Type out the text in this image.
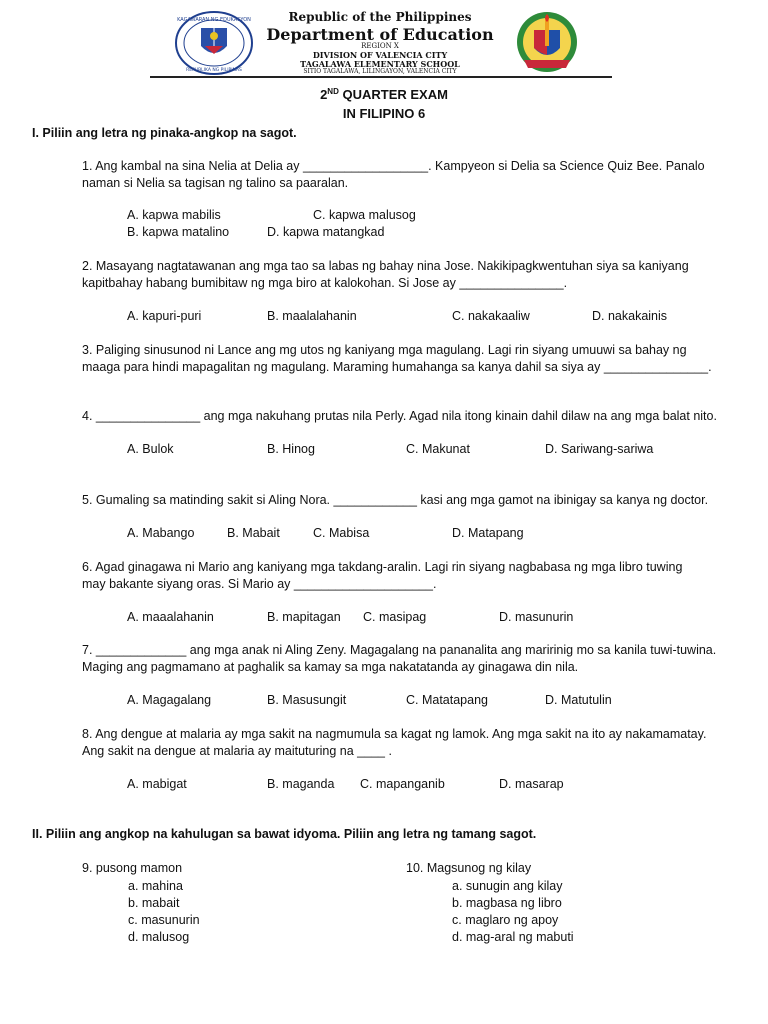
KAGAWARAN NG EDUKASYON
REPUBLIKA NG PILIPINAS
Republic of the Philippines
Department of Education
REGION X
DIVISION OF VALENCIA CITY
TAGALAWA ELEMENTARY SCHOOL
SITIO TAGALAWA, LILINGAYON, VALENCIA CITY
2ND QUARTER EXAM
IN FILIPINO 6
I. Piliin ang letra ng pinaka-angkop na sagot.
1. Ang kambal na sina Nelia at Delia ay __________________. Kampyeon si Delia sa Science Quiz Bee. Panalo
naman si Nelia sa tagisan ng talino sa paaralan.
A. kapwa mabilis	C. kapwa malusog
B. kapwa matalino	D. kapwa matangkad
2. Masayang nagtatawanan ang mga tao sa labas ng bahay nina Jose. Nakikipagkwentuhan siya sa kaniyang
kapitbahay habang bumibitaw ng mga biro at kalokohan. Si Jose ay _______________.
A. kapuri-puri	B. maalalahanin	C. nakakaaliw	D. nakakainis
3. Paliging sinusunod ni Lance ang mg utos ng kaniyang mga magulang. Lagi rin siyang umuuwi sa bahay ng
maaga para hindi mapagalitan ng magulang. Maraming humahanga sa kanya dahil sa siya ay _______________.
4. _______________ ang mga nakuhang prutas nila Perly. Agad nila itong kinain dahil dilaw na ang mga balat nito.
A. Bulok	B. Hinog	C. Makunat	D. Sariwang-sariwa
5. Gumaling sa matinding sakit si Aling Nora. ____________ kasi ang mga gamot na ibinigay sa kanya ng doctor.
A. Mabango	B. Mabait	C. Mabisa	D. Matapang
6. Agad ginagawa ni Mario ang kaniyang mga takdang-aralin. Lagi rin siyang nagbabasa ng mga libro tuwing
may bakante siyang oras. Si Mario ay ____________________.
A. maaalahanin	B. mapitagan C. masipag	D. masunurin
7. _____________ ang mga anak ni Aling Zeny. Magagalang na pananalita ang maririnig mo sa kanila tuwi-tuwina.
Maging ang pagmamano at paghalik sa kamay sa mga nakatatanda ay ginagawa din nila.
A. Magagalang	B. Masusungit	C. Matatapang	D. Matutulin
8. Ang dengue at malaria ay mga sakit na nagmumula sa kagat ng lamok. Ang mga sakit na ito ay nakamamatay.
Ang sakit na dengue at malaria ay maituturing na ____ .
A. mabigat	B. maganda C. mapanganib	D. masarap
II. Piliin ang angkop na kahulugan sa bawat idyoma. Piliin ang letra ng tamang sagot.
9. pusong mamon
a. mahina
b. mabait
c. masunurin
d. malusog
10. Magsunog ng kilay
a. sunugin ang kilay
b. magbasa ng libro
c. maglaro ng apoy
d. mag-aral ng mabuti
